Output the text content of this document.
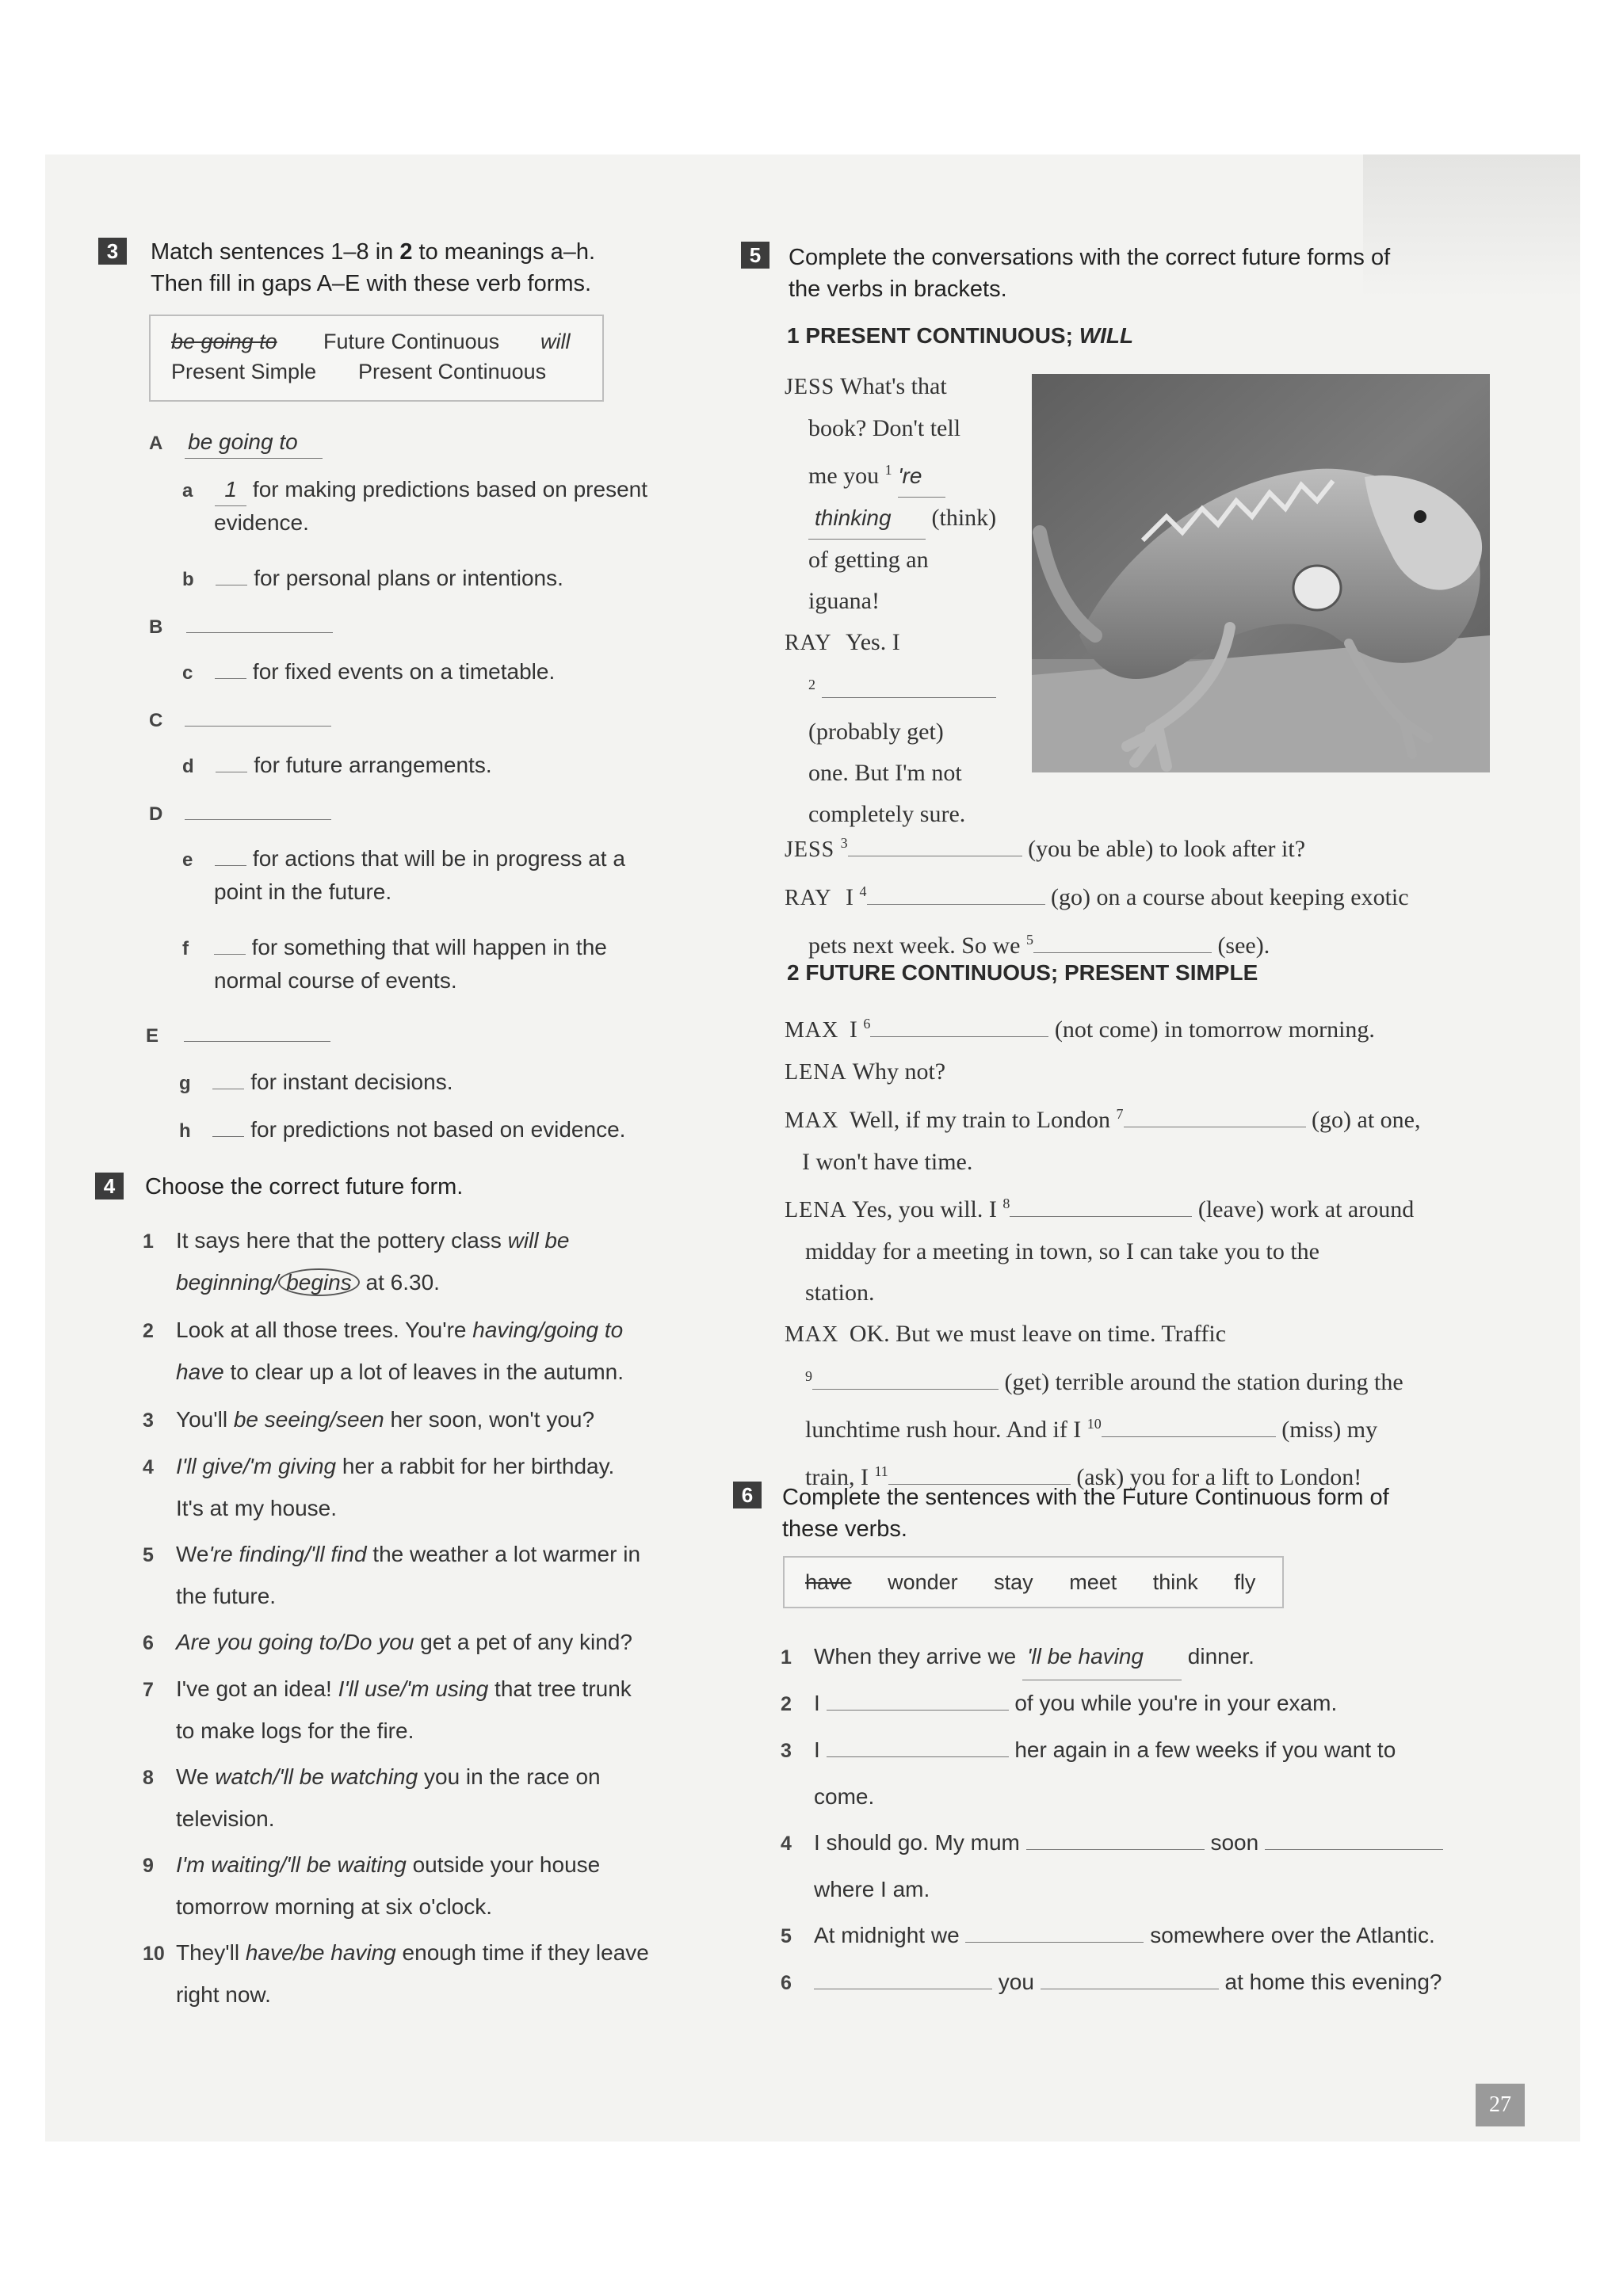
3	Match sentences 1–8 in 2 to meanings a–h.
Then fill in gaps A–E with these verb forms.
be going to Future Continuous will
Present Simple Present Continuous
A be going to
a 1 for making predictions based on present
evidence.
b	for personal plans or intentions.
B
c	for fixed events on a timetable.
C
d	for future arrangements.
D
e	for actions that will be in progress at a
point in the future.
f	for something that will happen in the
normal course of events.
E
g	for instant decisions.
h	for predictions not based on evidence.
4	Choose the correct future form.
1 It says here that the pottery class will be
beginning/ begins at 6.30.
2 Look at all those trees. You're having/going to
have to clear up a lot of leaves in the autumn.
3 You'll be seeing/seen her soon, won't you?
4 I'll give/'m giving her a rabbit for her birthday.
It's at my house.
5 We're finding/'ll find the weather a lot warmer in
the future.
6 Are you going to/Do you get a pet of any kind?
7 I've got an idea! I'll use/'m using that tree trunk
to make logs for the fire.
8 We watch/'ll be watching you in the race on
television.
9 I'm waiting/'ll be waiting outside your house
tomorrow morning at six o'clock.
10 They'll have/be having enough time if they leave
right now.
5	Complete the conversations with the correct future forms of
the verbs in brackets.
1 PRESENT CONTINUOUS; WILL
JESS What's that
book? Don't tell
me you $^1$ 're
thinking (think)
of getting an
iguana!
RAY Yes. I
$^2$
(probably get)
one. But I'm not
completely sure.
JESS $^3$	(you be able) to look after it?
RAY I $^4$	(go) on a course about keeping exotic
pets next week. So we $^5$	(see).
2 FUTURE CONTINUOUS; PRESENT SIMPLE
MAX I $^6$	(not come) in tomorrow morning.
LENA Why not?
MAX Well, if my train to London $^7$	(go) at one,
I won't have time.
LENA Yes, you will. I $^8$	(leave) work at around
midday for a meeting in town, so I can take you to the
station.
MAX OK. But we must leave on time. Traffic
$^9$	(get) terrible around the station during the
lunchtime rush hour. And if I $^{10}$	(miss) my
train, I $^{11}$	(ask) you for a lift to London!
6	Complete the sentences with the Future Continuous form of
these verbs.
have wonder stay meet think fly
1 When they arrive we 'll be having dinner.
2 I	of you while you're in your exam.
3 I	her again in a few weeks if you want to
come.
4 I should go. My mum	soon
where I am.
5 At midnight we	somewhere over the Atlantic.
6	you	at home this evening?
27
